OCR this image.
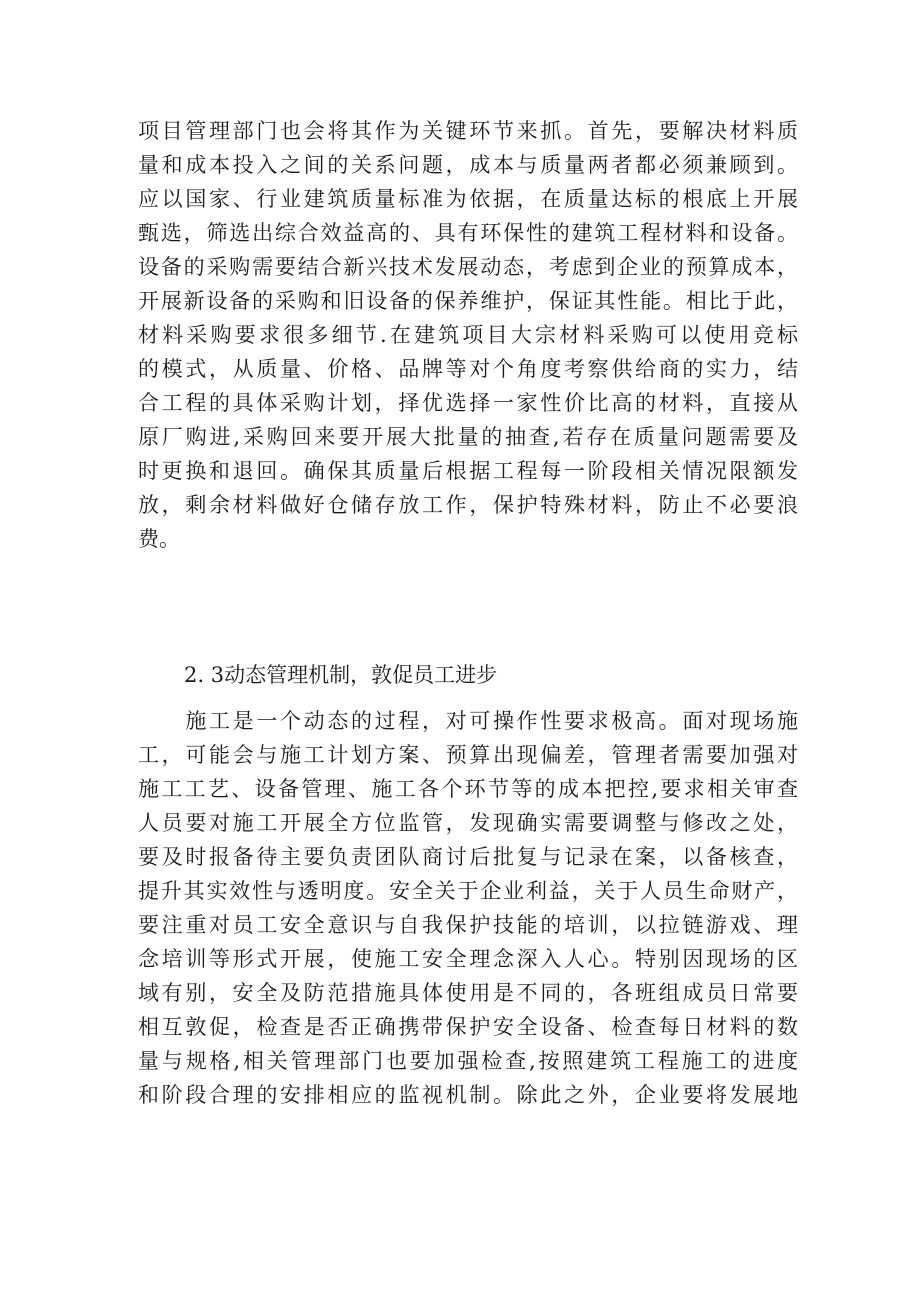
项目管理部门也会将其作为关键环节来抓。首先，要解决材料质
量和成本投入之间的关系问题，成本与质量两者都必须兼顾到。
应以国家、行业建筑质量标准为依据，在质量达标的根底上开展
甄选，筛选出综合效益高的、具有环保性的建筑工程材料和设备。
设备的采购需要结合新兴技术发展动态，考虑到企业的预算成本，
开展新设备的采购和旧设备的保养维护，保证其性能。相比于此，
材料采购要求很多细节.在建筑项目大宗材料采购可以使用竞标
的模式，从质量、价格、品牌等对个角度考察供给商的实力，结
合工程的具体采购计划，择优选择一家性价比高的材料，直接从
原厂购进,采购回来要开展大批量的抽查,若存在质量问题需要及
时更换和退回。确保其质量后根据工程每一阶段相关情况限额发
放，剩余材料做好仓储存放工作，保护特殊材料，防止不必要浪
费。
2. 3动态管理机制，敦促员工进步
　　施工是一个动态的过程，对可操作性要求极高。面对现场施
工，可能会与施工计划方案、预算出现偏差，管理者需要加强对
施工工艺、设备管理、施工各个环节等的成本把控,要求相关审查
人员要对施工开展全方位监管，发现确实需要调整与修改之处，
要及时报备待主要负责团队商讨后批复与记录在案，以备核查，
提升其实效性与透明度。安全关于企业利益，关于人员生命财产，
要注重对员工安全意识与自我保护技能的培训，以拉链游戏、理
念培训等形式开展，使施工安全理念深入人心。特别因现场的区
域有别，安全及防范措施具体使用是不同的，各班组成员日常要
相互敦促，检查是否正确携带保护安全设备、检查每日材料的数
量与规格,相关管理部门也要加强检查,按照建筑工程施工的进度
和阶段合理的安排相应的监视机制。除此之外，企业要将发展地
